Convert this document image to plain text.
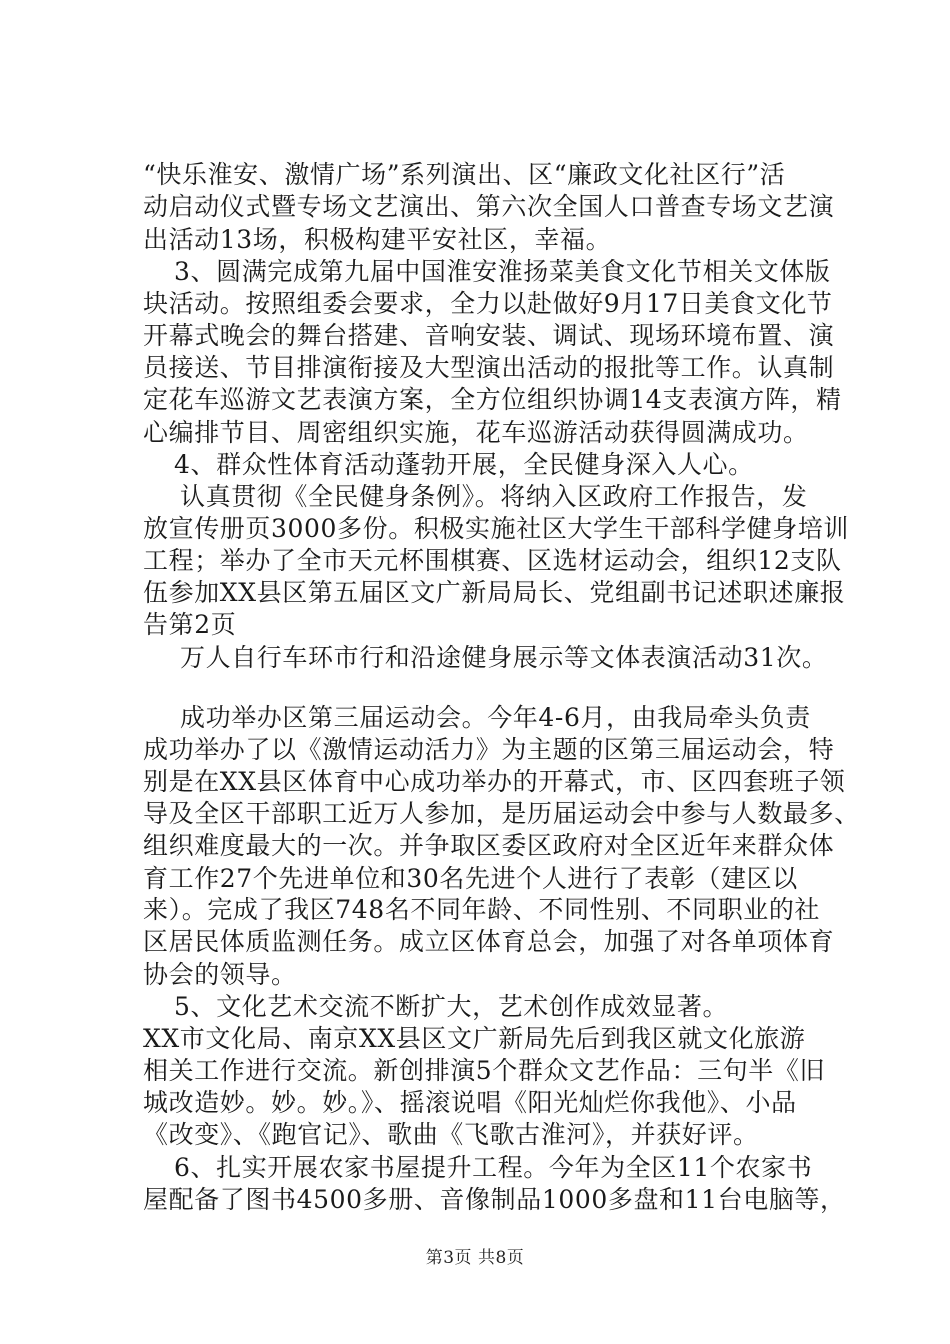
“快乐淮安、激情广场”系列演出、区“廉政文化社区行”活
动启动仪式暨专场文艺演出、第六次全国人口普查专场文艺演
出活动13场，积极构建平安社区，幸福。
3、圆满完成第九届中国淮安淮扬菜美食文化节相关文体版
块活动。按照组委会要求，全力以赴做好9月17日美食文化节
开幕式晚会的舞台搭建、音响安装、调试、现场环境布置、演
员接送、节目排演衔接及大型演出活动的报批等工作。认真制
定花车巡游文艺表演方案，全方位组织协调14支表演方阵，精
心编排节目、周密组织实施，花车巡游活动获得圆满成功。
4、群众性体育活动蓬勃开展，全民健身深入人心。
认真贯彻《全民健身条例》。将纳入区政府工作报告，发
放宣传册页3000多份。积极实施社区大学生干部科学健身培训
工程；举办了全市天元杯围棋赛、区选材运动会，组织12支队
伍参加XX县区第五届区文广新局局长、党组副书记述职述廉报
告第2页
万人自行车环市行和沿途健身展示等文体表演活动31次。
成功举办区第三届运动会。今年4-6月，由我局牵头负责
成功举办了以《激情运动活力》为主题的区第三届运动会，特
别是在XX县区体育中心成功举办的开幕式，市、区四套班子领
导及全区干部职工近万人参加，是历届运动会中参与人数最多、
组织难度最大的一次。并争取区委区政府对全区近年来群众体
育工作27个先进单位和30名先进个人进行了表彰（建区以
来）。完成了我区748名不同年龄、不同性别、不同职业的社
区居民体质监测任务。成立区体育总会，加强了对各单项体育
协会的领导。
5、文化艺术交流不断扩大，艺术创作成效显著。
XX市文化局、南京XX县区文广新局先后到我区就文化旅游
相关工作进行交流。新创排演5个群众文艺作品：三句半《旧
城改造妙。妙。妙。》、摇滚说唱《阳光灿烂你我他》、小品
《改变》、《跑官记》、歌曲《飞歌古淮河》，并获好评。
6、扎实开展农家书屋提升工程。今年为全区11个农家书
屋配备了图书4500多册、音像制品1000多盘和11台电脑等，
第3页 共8页
